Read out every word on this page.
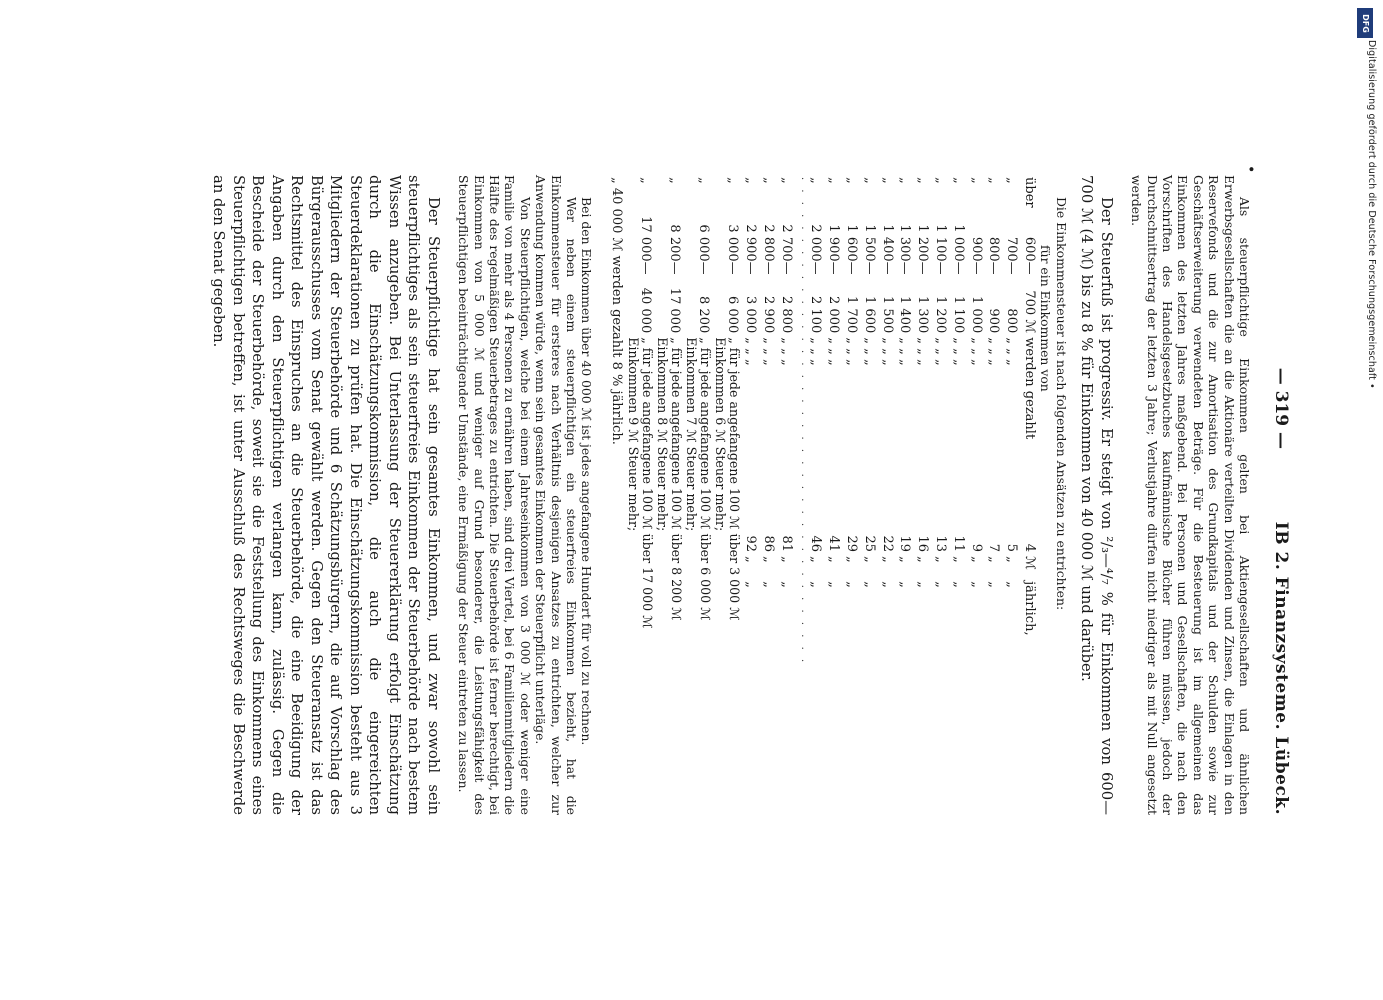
DFG
Digitalisierung gefördert durch die Deutsche Forschungsgemeinschaft •
•
— 319 —
IB 2. Finanzsysteme. Lübeck.

Als steuerpflichtige Einkommen gelten bei Aktiengesellschaften und ähnlichen Erwerbsgesellschaften die an die Aktionäre verteilten Dividenden und Zinsen, die Einlagen in den Reservefonds und die zur Amortisation des Grundkapitals und der Schulden sowie zur Geschäftserweiterung verwendeten Beträge. Für die Besteuerung ist im allgemeinen das Einkommen des letzten Jahres maßgebend. Bei Personen und Gesellschaften, die nach den Vorschriften des Handelsgesetzbuches kaufmännische Bücher führen müssen, jedoch der Durchschnittsertrag der letzten 3 Jahre; Verlustjahre dürfen nicht niedriger als mit Null angesetzt werden.

Der Steuerfuß ist progressiv. Er steigt von ²/₃—⁴/₇ % für Einkommen von 600—700 ℳ (4 ℳ) bis zu 8 % für Einkommen von 40 000 ℳ und darüber.

Die Einkommensteuer ist nach folgenden Ansätzen zu entrichten:

für ein Einkommen von

über	600—	700 ℳ	werden gezahlt	4	ℳ	jährlich,
„	700—	800	„ „ „	5	„	„
„	800—	900	„ „ „	7	„	„
„	900—	1 000	„ „ „	9	„	„
„	1 000—	1 100	„ „ „	11	„	„
„	1 100—	1 200	„ „ „	13	„	„
„	1 200—	1 300	„ „ „	16	„	„
„	1 300—	1 400	„ „ „	19	„	„
„	1 400—	1 500	„ „ „	22	„	„
„	1 500—	1 600	„ „ „	25	„	„
„	1 600—	1 700	„ „ „	29	„	„
„	1 900—	2 000	„ „ „	41	„	„
„	2 000—	2 100	„ „ „	46	„	„
· · · · · · · · · · · · · · · · · · · · · · · · · · · · · · · · · · · · · · · ·						
„	2 700—	2 800	„ „ „	81	„	„
„	2 800—	2 900	„ „ „	86	„	„
„	2 900—	3 000	„ „ „	92	„	„
„	3 000—	6 000	„ für jede angefangene 100 ℳ über 3 000 ℳ Einkommen 6 ℳ Steuer mehr;			
„	6 000—	8 200	„ für jede angefangene 100 ℳ über 6 000 ℳ Einkommen 7 ℳ Steuer mehr;			
„	8 200—	17 000	„ für jede angefangene 100 ℳ über 8 200 ℳ Einkommen 8 ℳ Steuer mehr;			
„	17 000—	40 000	„ für jede angefangene 100 ℳ über 17 000 ℳ Einkommen 9 ℳ Steuer mehr;			
„ 40 000 ℳ werden gezahlt 8 % jährlich.						

Bei den Einkommen über 40 000 ℳ ist jedes angefangene Hundert für voll zu rechnen.

Wer neben einem steuerpflichtigen ein steuerfreies Einkommen bezieht, hat die Einkommensteuer für ersteres nach Verhältnis desjenigen Ansatzes zu entrichten, welcher zur Anwendung kommen würde, wenn sein gesamtes Einkommen der Steuerpflicht unterläge.

Von Steuerpflichtigen, welche bei einem Jahreseinkommen von 3 000 ℳ oder weniger eine Familie von mehr als 4 Personen zu ernähren haben, sind drei Viertel, bei 6 Familienmitgliedern die Hälfte des regelmäßigen Steuerbetrages zu entrichten. Die Steuerbehörde ist ferner berechtigt, bei Einkommen von 5 000 ℳ und weniger auf Grund besonderer, die Leistungsfähigkeit des Steuerpflichtigen beeinträchtigender Umstände, eine Ermäßigung der Steuer eintreten zu lassen.

Der Steuerpflichtige hat sein gesamtes Einkommen, und zwar sowohl sein steuerpflichtiges als sein steuerfreies Einkommen der Steuerbehörde nach bestem Wissen anzugeben. Bei Unterlassung der Steuererklärung erfolgt Einschätzung durch die Einschätzungskommission, die auch die eingereichten Steuerdeklarationen zu prüfen hat. Die Einschätzungskommission besteht aus 3 Mitgliedern der Steuerbehörde und 6 Schätzungsbürgern, die auf Vorschlag des Bürgerausschusses vom Senat gewählt werden. Gegen den Steueransatz ist das Rechtsmittel des Einspruches an die Steuerbehörde, die eine Beeidigung der Angaben durch den Steuerpflichtigen verlangen kann, zulässig. Gegen die Bescheide der Steuerbehörde, soweit sie die Feststellung des Einkommens eines Steuerpflichtigen betreffen, ist unter Ausschluß des Rechtsweges die Beschwerde an den Senat gegeben.
